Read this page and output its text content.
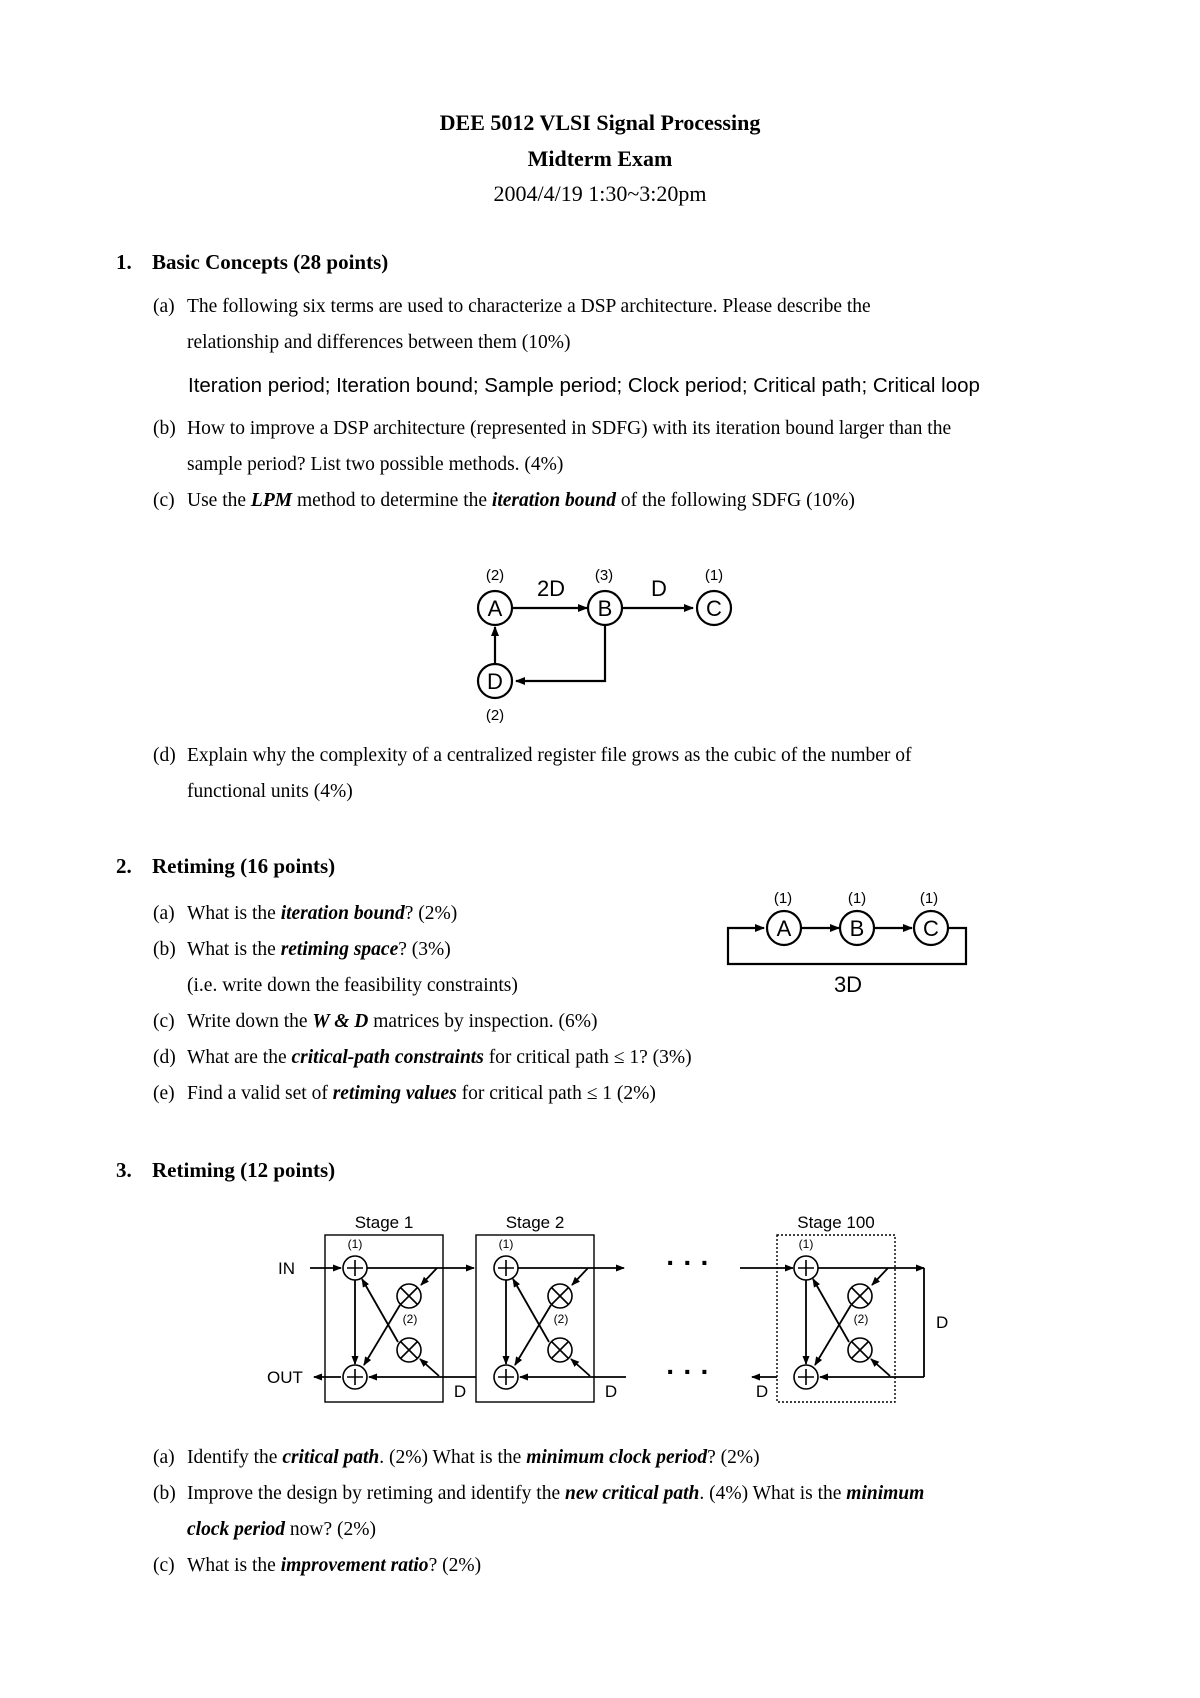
DEE 5012 VLSI Signal Processing
Midterm Exam
2004/4/19 1:30~3:20pm
1. Basic Concepts (28 points)
(a) The following six terms are used to characterize a DSP architecture. Please describe the
relationship and differences between them (10%)
Iteration period; Iteration bound; Sample period; Clock period; Critical path; Critical loop
(b) How to improve a DSP architecture (represented in SDFG) with its iteration bound larger than the
sample period? List two possible methods. (4%)
(c) Use the LPM method to determine the iteration bound of the following SDFG (10%)
A	B	C
D
(2)	(3)	(1)
(2)
2D	D
(d) Explain why the complexity of a centralized register file grows as the cubic of the number of
functional units (4%)
2. Retiming (16 points)
(a) What is the iteration bound? (2%)
(b) What is the retiming space? (3%)
(i.e. write down the feasibility constraints)
(c) Write down the W & D matrices by inspection. (6%)
(d) What are the critical-path constraints for critical path ≤ 1? (3%)
(e) Find a valid set of retiming values for critical path ≤ 1 (2%)
A	B	C
(1)	(1)	(1)
3D
3. Retiming (12 points)
Stage 1
(1)
(2)
D
Stage 2
(1)
(2)
D
· · ·
· · ·
Stage 100
(1)
(2)	D
D
IN
OUT
(a) Identify the critical path. (2%) What is the minimum clock period? (2%)
(b) Improve the design by retiming and identify the new critical path. (4%) What is the minimum
clock period now? (2%)
(c) What is the improvement ratio? (2%)
